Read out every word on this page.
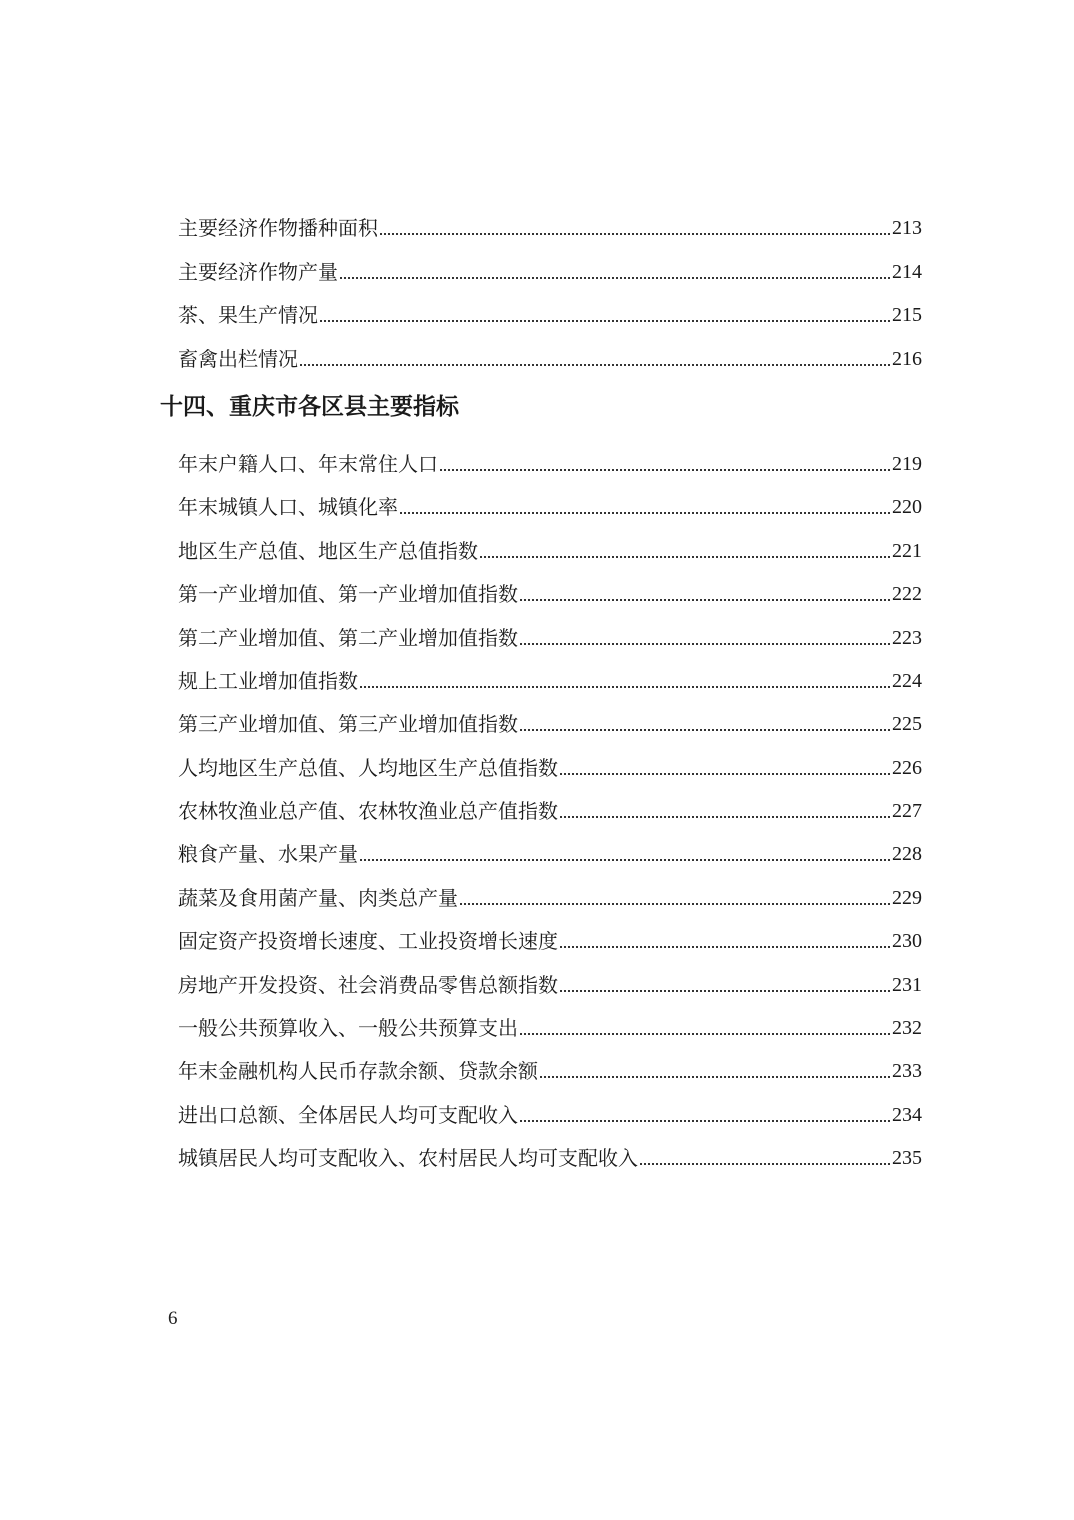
主要经济作物播种面积	213
主要经济作物产量	214
茶、果生产情况	215
畜禽出栏情况	216
十四、重庆市各区县主要指标
年末户籍人口、年末常住人口	219
年末城镇人口、城镇化率	220
地区生产总值、地区生产总值指数	221
第一产业增加值、第一产业增加值指数	222
第二产业增加值、第二产业增加值指数	223
规上工业增加值指数	224
第三产业增加值、第三产业增加值指数	225
人均地区生产总值、人均地区生产总值指数	226
农林牧渔业总产值、农林牧渔业总产值指数	227
粮食产量、水果产量	228
蔬菜及食用菌产量、肉类总产量	229
固定资产投资增长速度、工业投资增长速度	230
房地产开发投资、社会消费品零售总额指数	231
一般公共预算收入、一般公共预算支出	232
年末金融机构人民币存款余额、贷款余额	233
进出口总额、全体居民人均可支配收入	234
城镇居民人均可支配收入、农村居民人均可支配收入	235
6
